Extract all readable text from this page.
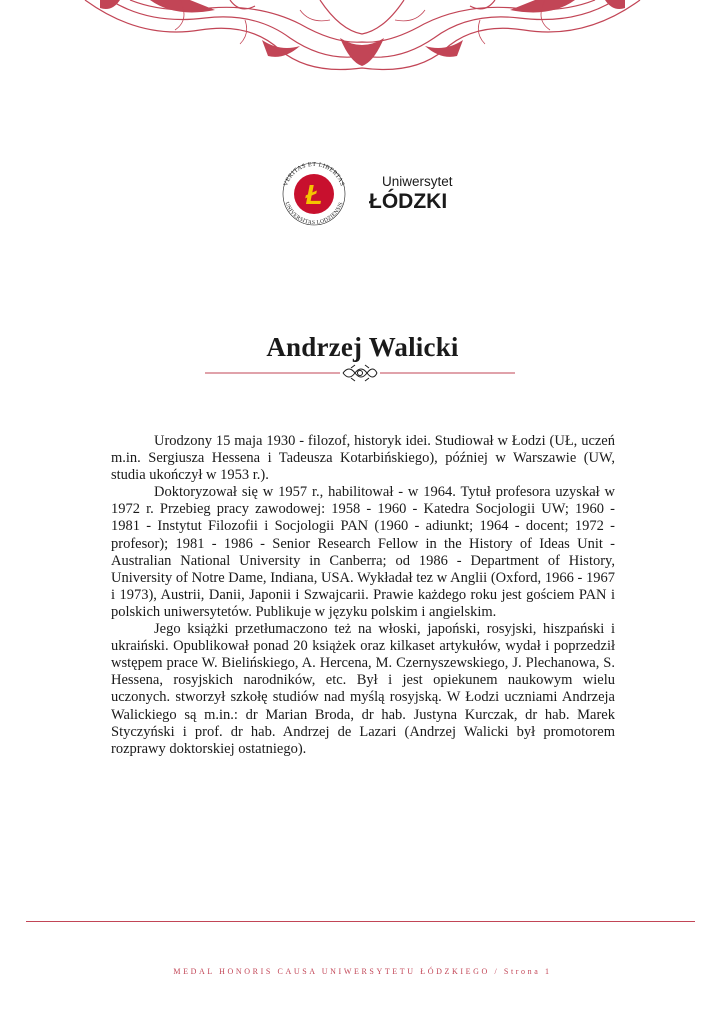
VERITAS ET LIBERTAS
UNIVERSITAS LODZIENSIS
Ł	Uniwersytet
ŁÓDZKI
Andrzej Walicki

Urodzony 15 maja 1930 - filozof, historyk idei. Studiował w Łodzi (UŁ, uczeń m.in. Sergiusza Hessena i Tadeusza Kotarbińskiego), później w Warszawie (UW, studia ukończył w 1953 r.).

Doktoryzował się w 1957 r., habilitował - w 1964. Tytuł profesora uzyskał w 1972 r. Przebieg pracy zawodowej: 1958 - 1960 - Katedra Socjologii UW; 1960 - 1981 - Instytut Filozofii i Socjologii PAN (1960 - adiunkt; 1964 - docent; 1972 - profesor); 1981 - 1986 - Senior Research Fellow in the History of Ideas Unit - Australian National University in Canberra; od 1986 - Department of History, University of Notre Dame, Indiana, USA. Wykładał tez w Anglii (Oxford, 1966 - 1967 i 1973), Austrii, Danii, Japonii i Szwajcarii. Prawie każdego roku jest gościem PAN i polskich uniwersytetów. Publikuje w języku polskim i angielskim.

Jego książki przetłumaczono też na włoski, japoński, rosyjski, hiszpański i ukraiński. Opublikował ponad 20 książek oraz kilkaset artykułów, wydał i poprzedził wstępem prace W. Bielińskiego, A. Hercena, M. Czernyszewskiego, J. Plechanowa, S. Hessena, rosyjskich narodników, etc. Był i jest opiekunem naukowym wielu uczonych. stworzył szkołę studiów nad myślą rosyjską. W Łodzi uczniami Andrzeja Walickiego są m.in.: dr Marian Broda, dr hab. Justyna Kurczak, dr hab. Marek Styczyński i prof. dr hab. Andrzej de Lazari (Andrzej Walicki był promotorem rozprawy doktorskiej ostatniego).

MEDAL HONORIS CAUSA UNIWERSYTETU ŁÓDZKIEGO / Strona 1
